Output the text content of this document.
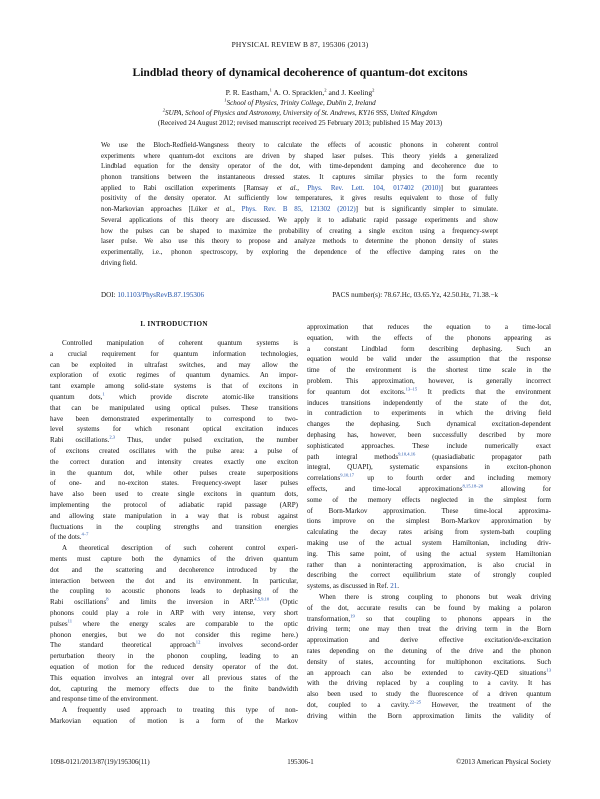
PHYSICAL REVIEW B 87, 195306 (2013)
Lindblad theory of dynamical decoherence of quantum-dot excitons
P. R. Eastham,$^1$ A. O. Spracklen,$^2$ and J. Keeling$^2$
$^1$School of Physics, Trinity College, Dublin 2, Ireland
$^2$SUPA, School of Physics and Astronomy, University of St. Andrews, KY16 9SS, United Kingdom
(Received 24 August 2012; revised manuscript received 25 February 2013; published 15 May 2013)
We use the Bloch-Redfield-Wangsness theory to calculate the effects of acoustic phonons in coherent control
experiments where quantum-dot excitons are driven by shaped laser pulses. This theory yields a generalized
Lindblad equation for the density operator of the dot, with time-dependent damping and decoherence due to
phonon transitions between the instantaneous dressed states. It captures similar physics to the form recently
applied to Rabi oscillation experiments [Ramsay et al., Phys. Rev. Lett. 104, 017402 (2010)] but guarantees
positivity of the density operator. At sufficiently low temperatures, it gives results equivalent to those of fully
non-Markovian approaches [Lüker et al., Phys. Rev. B 85, 121302 (2012)] but is significantly simpler to simulate.
Several applications of this theory are discussed. We apply it to adiabatic rapid passage experiments and show
how the pulses can be shaped to maximize the probability of creating a single exciton using a frequency-swept
laser pulse. We also use this theory to propose and analyze methods to determine the phonon density of states
experimentally, i.e., phonon spectroscopy, by exploring the dependence of the effective damping rates on the
driving field.
DOI: 10.1103/PhysRevB.87.195306	PACS number(s): 78.67.Hc, 03.65.Yz, 42.50.Hz, 71.38.−k
I. INTRODUCTION
Controlled manipulation of coherent quantum systems is
a crucial requirement for quantum information technologies,
can be exploited in ultrafast switches, and may allow the
exploration of exotic regimes of quantum dynamics. An impor-
tant example among solid-state systems is that of excitons in
quantum dots,$^1$ which provide discrete atomic-like transitions
that can be manipulated using optical pulses. These transitions
have been demonstrated experimentally to correspond to two-
level systems for which resonant optical excitation induces
Rabi oscillations.$^{2,3}$ Thus, under pulsed excitation, the number
of excitons created oscillates with the pulse area: a pulse of
the correct duration and intensity creates exactly one exciton
in the quantum dot, while other pulses create superpositions
of one- and no-exciton states. Frequency-swept laser pulses
have also been used to create single excitons in quantum dots,
implementing the protocol of adiabatic rapid passage (ARP)
and allowing state manipulation in a way that is robust against
fluctuations in the coupling strengths and transition energies
of the dots.$^{4-7}$
A theoretical description of such coherent control experi-
ments must capture both the dynamics of the driven quantum
dot and the scattering and decoherence introduced by the
interaction between the dot and its environment. In particular,
the coupling to acoustic phonons leads to dephasing of the
Rabi oscillations$^8$ and limits the inversion in ARP.$^{4,5,9,10}$ (Optic
phonons could play a role in ARP with very intense, very short
pulses$^{11}$ where the energy scales are comparable to the optic
phonon energies, but we do not consider this regime here.)
The standard theoretical approach$^{12}$ involves second-order
perturbation theory in the phonon coupling, leading to an
equation of motion for the reduced density operator of the dot.
This equation involves an integral over all previous states of the
dot, capturing the memory effects due to the finite bandwidth
and response time of the environment.
A frequently used approach to treating this type of non-
Markovian equation of motion is a form of the Markov
approximation that reduces the equation to a time-local
equation, with the effects of the phonons appearing as
a constant Lindblad form describing dephasing. Such an
equation would be valid under the assumption that the response
time of the environment is the shortest time scale in the
problem. This approximation, however, is generally incorrect
for quantum dot excitons.$^{13-15}$ It predicts that the environment
induces transitions independently of the state of the dot,
in contradiction to experiments in which the driving field
changes the dephasing. Such dynamical excitation-dependent
dephasing has, however, been successfully described by more
sophisticated approaches. These include numerically exact
path integral methods$^{9,10,4,16}$ (quasiadiabatic propagator path
integral, QUAPI), systematic expansions in exciton-phonon
correlations$^{9,10,17}$ up to fourth order and including memory
effects, and time-local approximations$^{8,15,18-20}$ allowing for
some of the memory effects neglected in the simplest form
of Born-Markov approximation. These time-local approxima-
tions improve on the simplest Born-Markov approximation by
calculating the decay rates arising from system-bath coupling
making use of the actual system Hamiltonian, including driv-
ing. This same point, of using the actual system Hamiltonian
rather than a noninteracting approximation, is also crucial in
describing the correct equilibrium state of strongly coupled
systems, as discussed in Ref. 21.
When there is strong coupling to phonons but weak driving
of the dot, accurate results can be found by making a polaron
transformation,$^{19}$ so that coupling to phonons appears in the
driving term; one may then treat the driving term in the Born
approximation and derive effective excitation/de-excitation
rates depending on the detuning of the drive and the phonon
density of states, accounting for multiphonon excitations. Such
an approach can also be extended to cavity-QED situations$^{13}$
with the driving replaced by a coupling to a cavity. It has
also been used to study the fluorescence of a driven quantum
dot, coupled to a cavity.$^{22-25}$ However, the treatment of the
driving within the Born approximation limits the validity of
1098-0121/2013/87(19)/195306(11)	195306-1	©2013 American Physical Society
